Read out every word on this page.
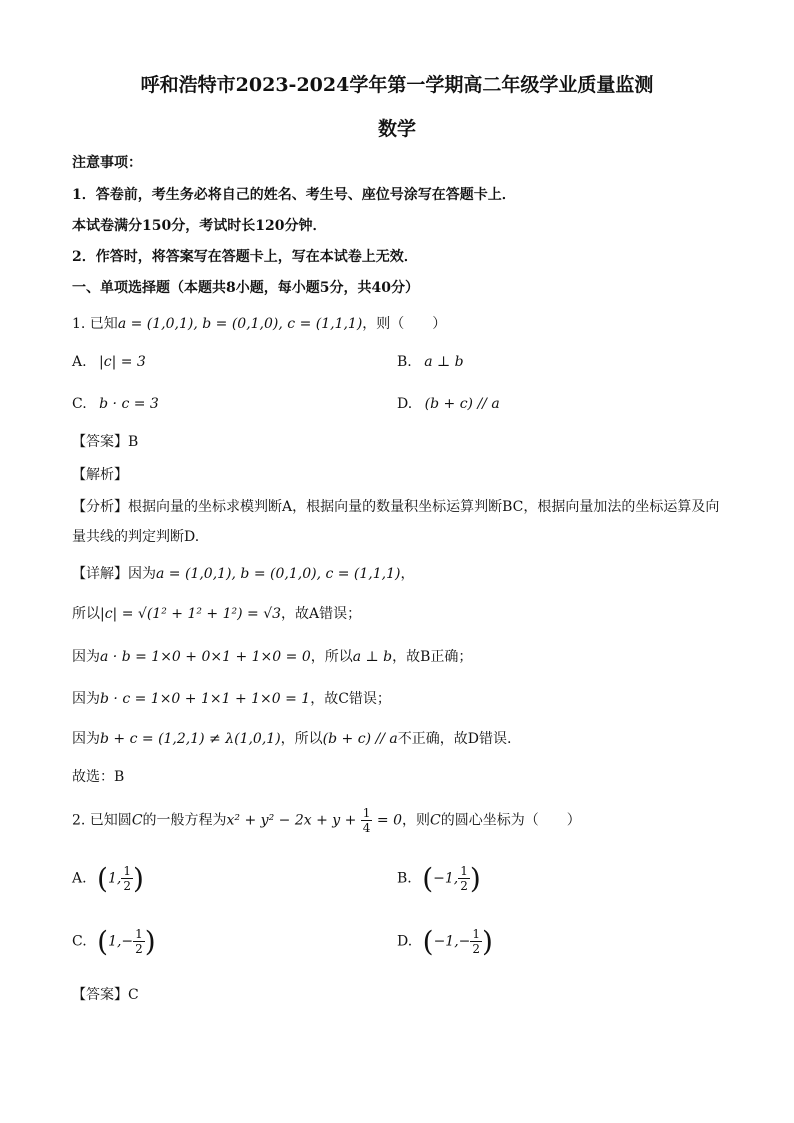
呼和浩特市2023-2024学年第一学期高二年级学业质量监测
数学
注意事项：
1．答卷前，考生务必将自己的姓名、考生号、座位号涂写在答题卡上．
本试卷满分150分，考试时长120分钟．
2．作答时，将答案写在答题卡上，写在本试卷上无效．
一、单项选择题（本题共8小题，每小题5分，共40分）
1. 已知a = (1,0,1), b = (0,1,0), c = (1,1,1)，则（　　）
A. |c| = 3	B. a ⊥ b
C. b · c = 3	D. (b + c) // a
【答案】B
【解析】
【分析】根据向量的坐标求模判断A，根据向量的数量积坐标运算判断BC，根据向量加法的坐标运算及向
量共线的判定判断D.
【详解】因为a = (1,0,1), b = (0,1,0), c = (1,1,1)，
所以|c| = √(1² + 1² + 1²) = √3，故A错误；
因为a · b = 1×0 + 0×1 + 1×0 = 0，所以a ⊥ b，故B正确；
因为b · c = 1×0 + 1×1 + 1×0 = 1，故C错误；
因为b + c = (1,2,1) ≠ λ(1,0,1)，所以(b + c) // a不正确，故D错误.
故选：B
2. 已知圆C的一般方程为$x^2 + y^2 - 2x + y + \frac{1}{4} = 0$，则C的圆心坐标为（　　）
A. (1, $\frac{1}{2}$ )	B. (−1, $\frac{1}{2}$ )
C. ($1,- \frac{1}{2}$ )	D. ($-1,- \frac{1}{2}$ )
【答案】C
